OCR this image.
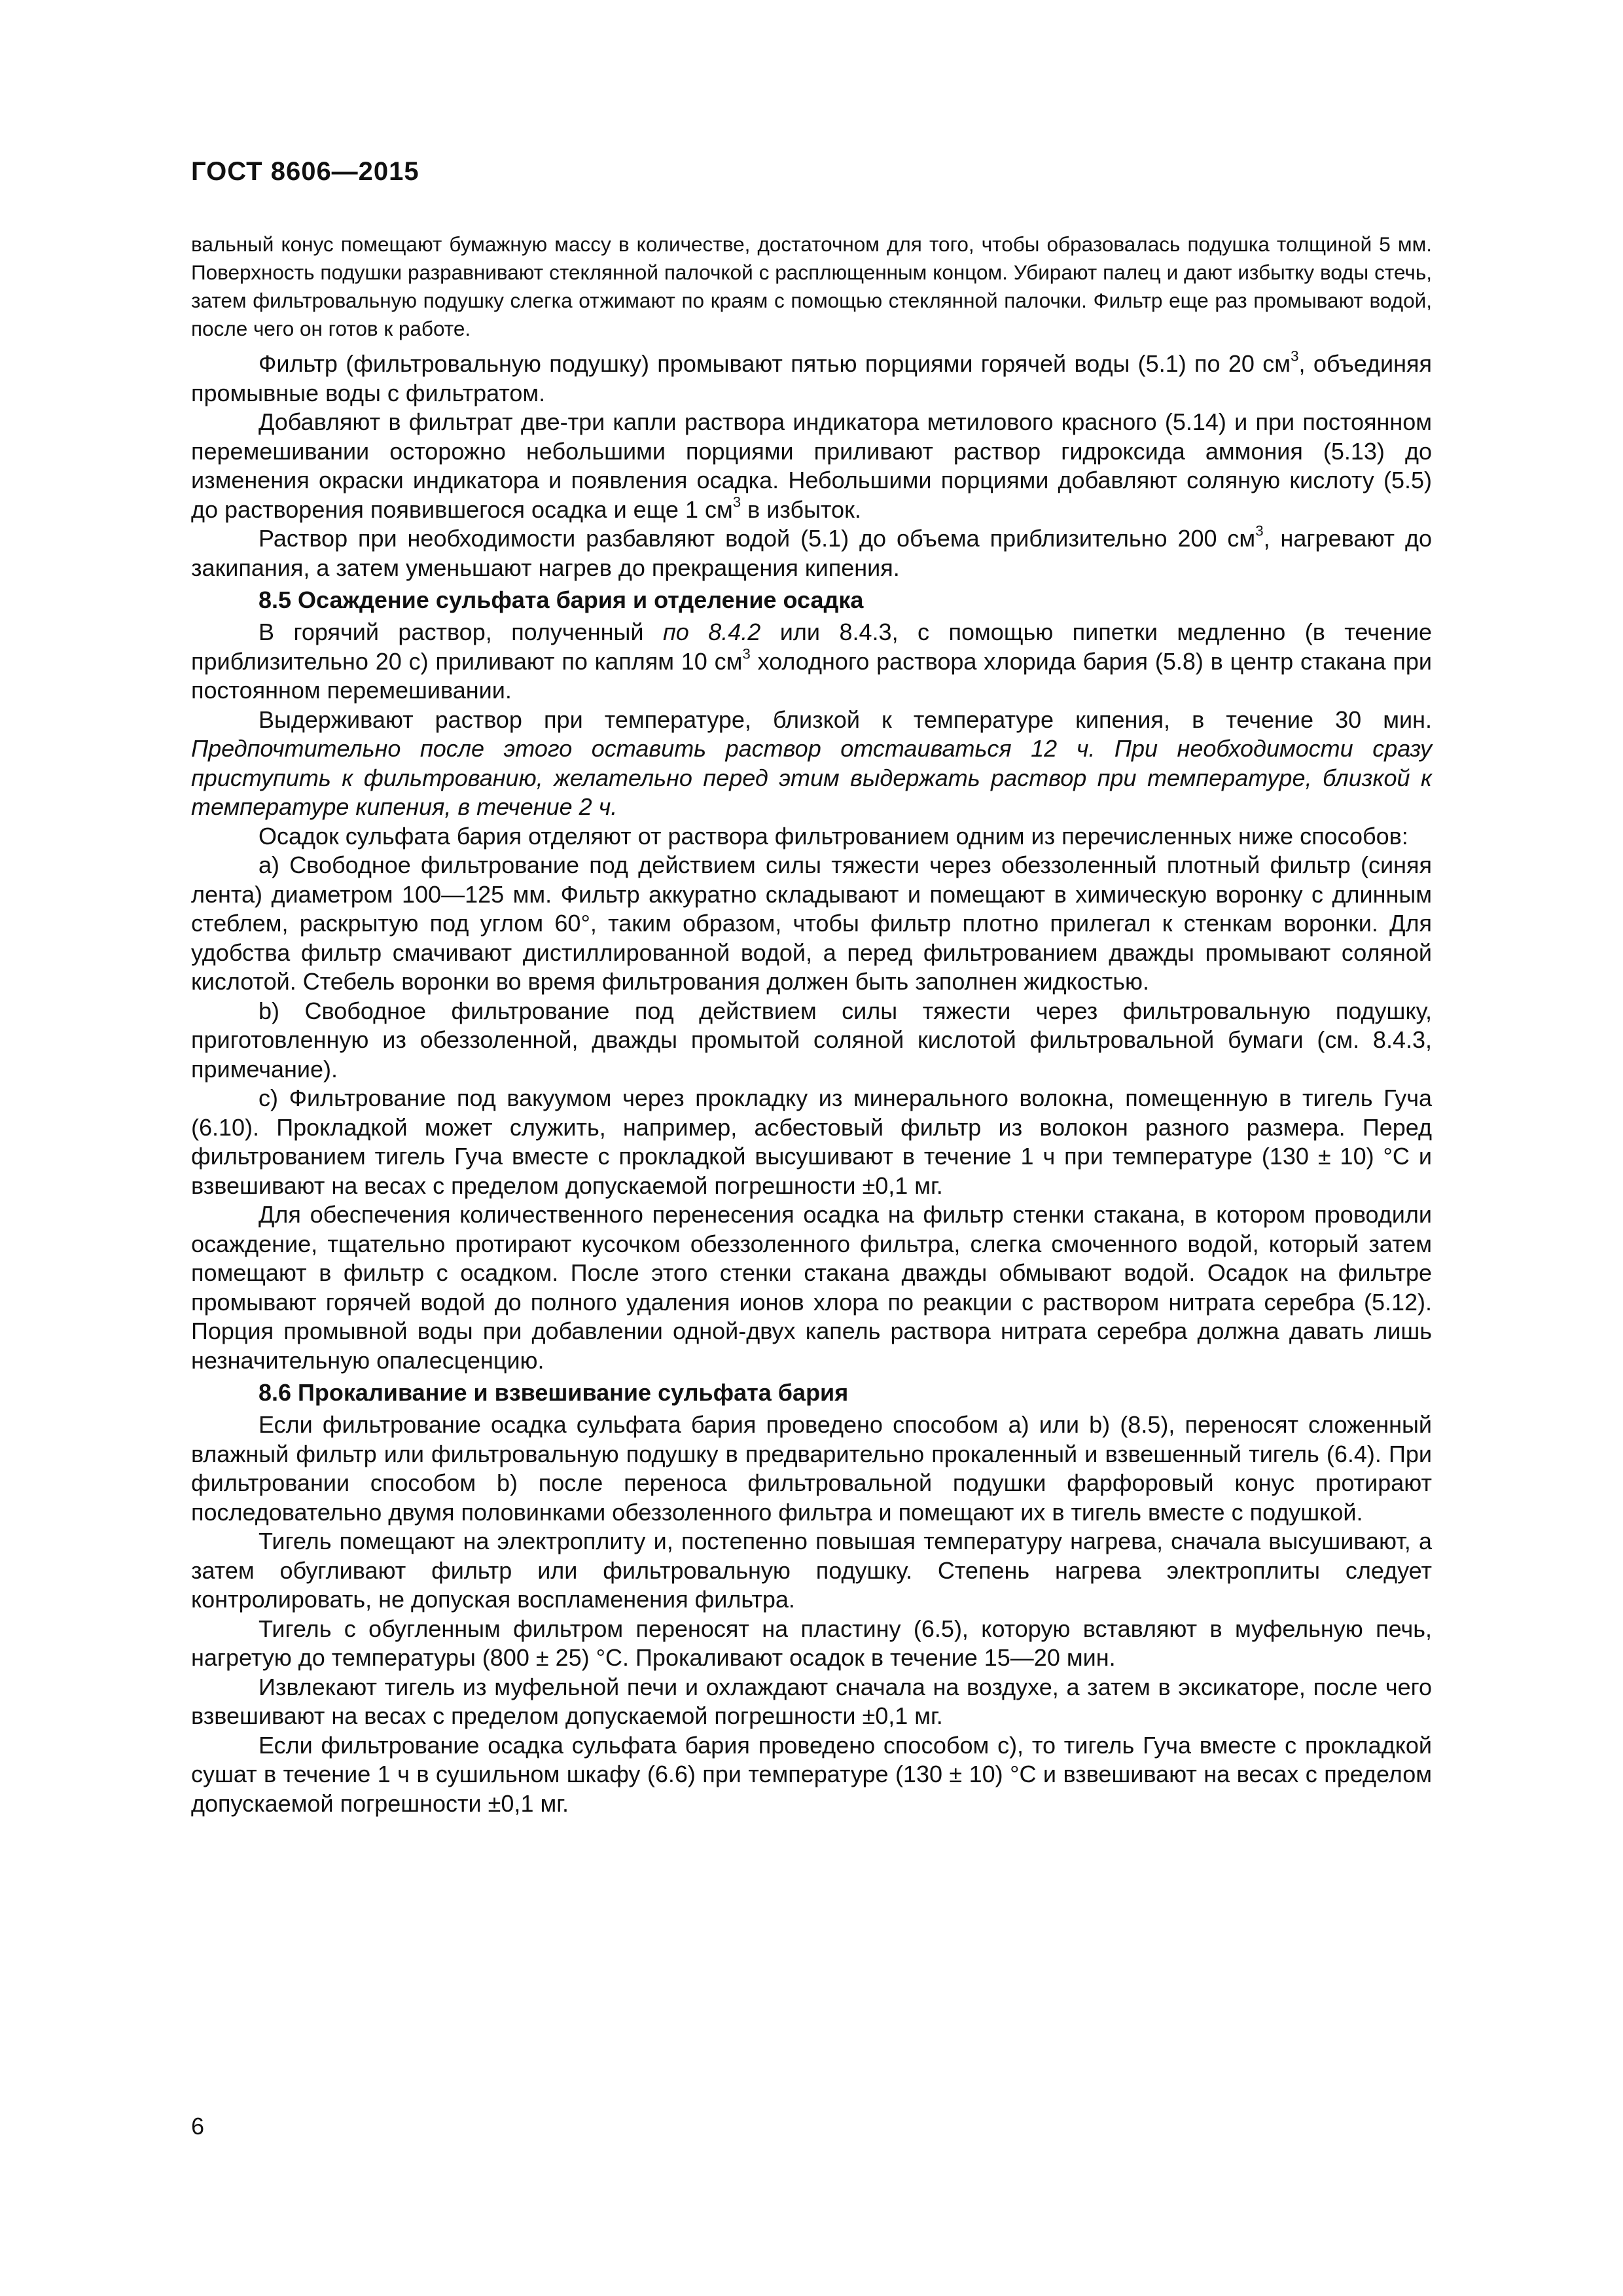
ГОСТ 8606—2015

вальный конус помещают бумажную массу в количестве, достаточном для того, чтобы образовалась подушка толщиной 5 мм. Поверхность подушки разравнивают стеклянной палочкой с расплющенным концом. Убирают палец и дают избытку воды стечь, затем фильтровальную подушку слегка отжимают по краям с помощью стеклянной палочки. Фильтр еще раз промывают водой, после чего он готов к работе.

Фильтр (фильтровальную подушку) промывают пятью порциями горячей воды (5.1) по 20 $см^3$, объединяя промывные воды с фильтратом.

Добавляют в фильтрат две-три капли раствора индикатора метилового красного (5.14) и при постоянном перемешивании осторожно небольшими порциями приливают раствор гидроксида аммония (5.13) до изменения окраски индикатора и появления осадка. Небольшими порциями добавляют соляную кислоту (5.5) до растворения появившегося осадка и еще 1 $см^3$ в избыток.

Раствор при необходимости разбавляют водой (5.1) до объема приблизительно 200 $см^3$, нагревают до закипания, а затем уменьшают нагрев до прекращения кипения.

8.5 Осаждение сульфата бария и отделение осадка

В горячий раствор, полученный по 8.4.2 или 8.4.3, с помощью пипетки медленно (в течение приблизительно 20 с) приливают по каплям 10 $см^3$ холодного раствора хлорида бария (5.8) в центр стакана при постоянном перемешивании.

Выдерживают раствор при температуре, близкой к температуре кипения, в течение 30 мин. Предпочтительно после этого оставить раствор отстаиваться 12 ч. При необходимости сразу приступить к фильтрованию, желательно перед этим выдержать раствор при температуре, близкой к температуре кипения, в течение 2 ч.

Осадок сульфата бария отделяют от раствора фильтрованием одним из перечисленных ниже способов:

а) Свободное фильтрование под действием силы тяжести через обеззоленный плотный фильтр (синяя лента) диаметром 100—125 мм. Фильтр аккуратно складывают и помещают в химическую воронку с длинным стеблем, раскрытую под углом 60°, таким образом, чтобы фильтр плотно прилегал к стенкам воронки. Для удобства фильтр смачивают дистиллированной водой, а перед фильтрованием дважды промывают соляной кислотой. Стебель воронки во время фильтрования должен быть заполнен жидкостью.

b) Свободное фильтрование под действием силы тяжести через фильтровальную подушку, приготовленную из обеззоленной, дважды промытой соляной кислотой фильтровальной бумаги (см. 8.4.3, примечание).

с) Фильтрование под вакуумом через прокладку из минерального волокна, помещенную в тигель Гуча (6.10). Прокладкой может служить, например, асбестовый фильтр из волокон разного размера. Перед фильтрованием тигель Гуча вместе с прокладкой высушивают в течение 1 ч при температуре (130 ± 10) °С и взвешивают на весах с пределом допускаемой погрешности ±0,1 мг.

Для обеспечения количественного перенесения осадка на фильтр стенки стакана, в котором проводили осаждение, тщательно протирают кусочком обеззоленного фильтра, слегка смоченного водой, который затем помещают в фильтр с осадком. После этого стенки стакана дважды обмывают водой. Осадок на фильтре промывают горячей водой до полного удаления ионов хлора по реакции с раствором нитрата серебра (5.12). Порция промывной воды при добавлении одной-двух капель раствора нитрата серебра должна давать лишь незначительную опалесценцию.

8.6 Прокаливание и взвешивание сульфата бария

Если фильтрование осадка сульфата бария проведено способом а) или b) (8.5), переносят сложенный влажный фильтр или фильтровальную подушку в предварительно прокаленный и взвешенный тигель (6.4). При фильтровании способом b) после переноса фильтровальной подушки фарфоровый конус протирают последовательно двумя половинками обеззоленного фильтра и помещают их в тигель вместе с подушкой.

Тигель помещают на электроплиту и, постепенно повышая температуру нагрева, сначала высушивают, а затем обугливают фильтр или фильтровальную подушку. Степень нагрева электроплиты следует контролировать, не допуская воспламенения фильтра.

Тигель с обугленным фильтром переносят на пластину (6.5), которую вставляют в муфельную печь, нагретую до температуры (800 ± 25) °С. Прокаливают осадок в течение 15—20 мин.

Извлекают тигель из муфельной печи и охлаждают сначала на воздухе, а затем в эксикаторе, после чего взвешивают на весах с пределом допускаемой погрешности ±0,1 мг.

Если фильтрование осадка сульфата бария проведено способом с), то тигель Гуча вместе с прокладкой сушат в течение 1 ч в сушильном шкафу (6.6) при температуре (130 ± 10) °С и взвешивают на весах с пределом допускаемой погрешности ±0,1 мг.

6
